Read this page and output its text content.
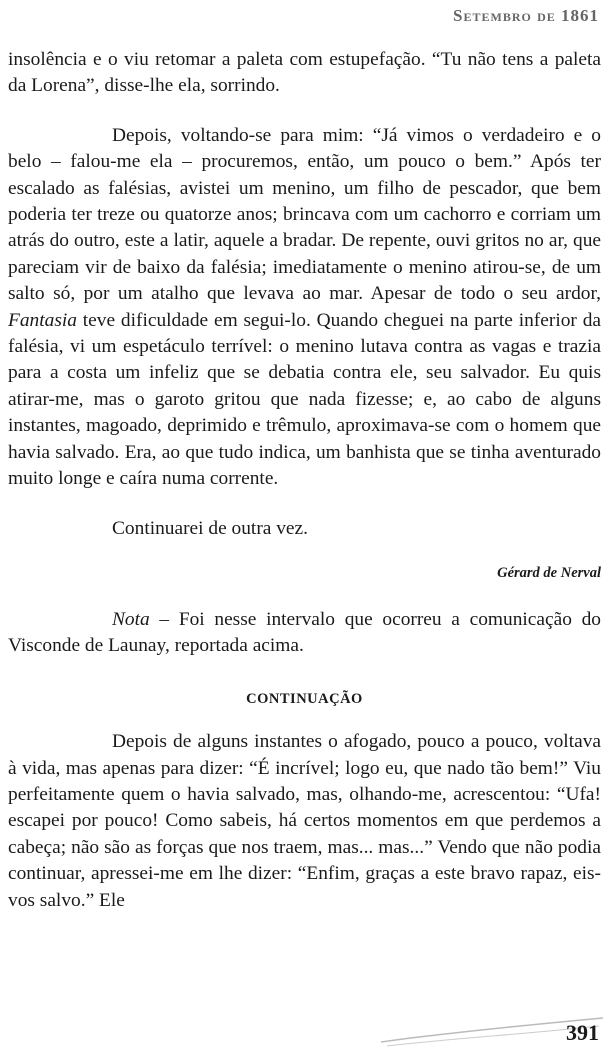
Setembro de 1861

insolência e o viu retomar a paleta com estupefação. “Tu não tens a paleta da Lorena”, disse-lhe ela, sorrindo.

Depois, voltando-se para mim: “Já vimos o verdadeiro e o belo – falou-me ela – procuremos, então, um pouco o bem.” Após ter escalado as falésias, avistei um menino, um filho de pescador, que bem poderia ter treze ou quatorze anos; brincava com um cachorro e corriam um atrás do outro, este a latir, aquele a bradar. De repente, ouvi gritos no ar, que pareciam vir de baixo da falésia; imediatamente o menino atirou-se, de um salto só, por um atalho que levava ao mar. Apesar de todo o seu ardor, Fantasia teve dificuldade em segui-lo. Quando cheguei na parte inferior da falésia, vi um espetáculo terrível: o menino lutava contra as vagas e trazia para a costa um infeliz que se debatia contra ele, seu salvador. Eu quis atirar-me, mas o garoto gritou que nada fizesse; e, ao cabo de alguns instantes, magoado, deprimido e trêmulo, aproximava-se com o homem que havia salvado. Era, ao que tudo indica, um banhista que se tinha aventurado muito longe e caíra numa corrente.

Continuarei de outra vez.

Gérard de Nerval

Nota – Foi nesse intervalo que ocorreu a comunicação do Visconde de Launay, reportada acima.

CONTINUAÇÃO

Depois de alguns instantes o afogado, pouco a pouco, voltava à vida, mas apenas para dizer: “É incrível; logo eu, que nado tão bem!” Viu perfeitamente quem o havia salvado, mas, olhando-me, acrescentou: “Ufa! escapei por pouco! Como sabeis, há certos momentos em que perdemos a cabeça; não são as forças que nos traem, mas... mas...” Vendo que não podia continuar, apressei-me em lhe dizer: “Enfim, graças a este bravo rapaz, eis-vos salvo.” Ele

391
